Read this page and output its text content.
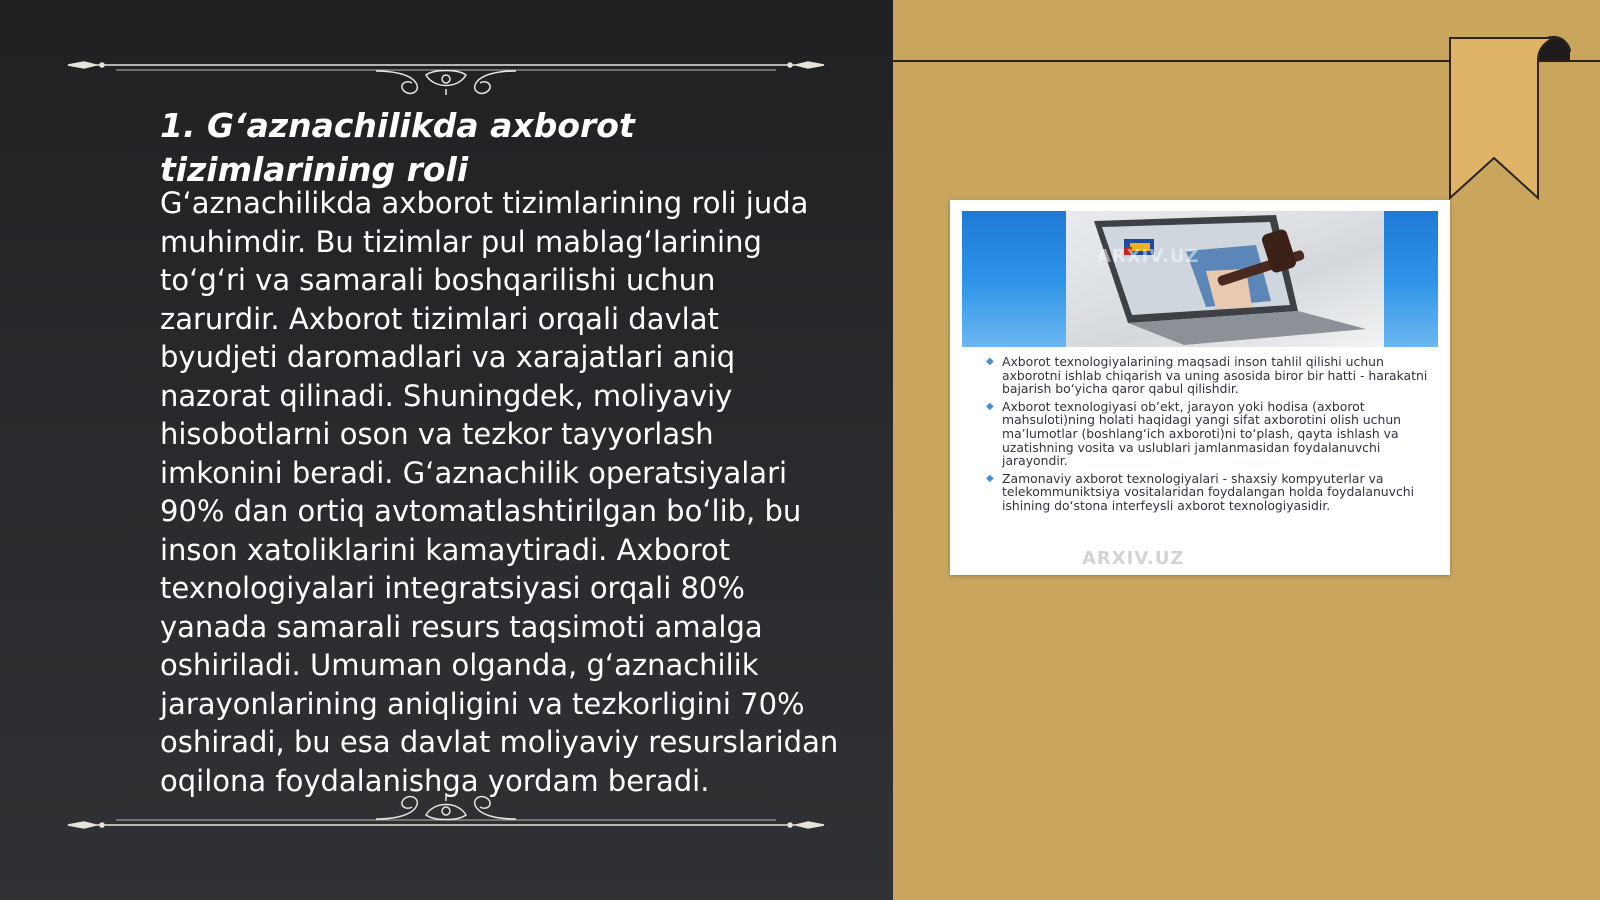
1. G‘aznachilikda axborot tizimlarining roli

G‘aznachilikda axborot tizimlarining roli juda muhimdir. Bu tizimlar pul mablag‘larining to‘g‘ri va samarali boshqarilishi uchun zarurdir. Axborot tizimlari orqali davlat byudjeti daromadlari va xarajatlari aniq nazorat qilinadi. Shuningdek, moliyaviy hisobotlarni oson va tezkor tayyorlash imkonini beradi. G‘aznachilik operatsiyalari 90% dan ortiq avtomatlashtirilgan bo‘lib, bu inson xatoliklarini kamaytiradi. Axborot texnologiyalari integratsiyasi orqali 80% yanada samarali resurs taqsimoti amalga oshiriladi. Umuman olganda, g‘aznachilik jarayonlarining aniqligini va tezkorligini 70% oshiradi, bu esa davlat moliyaviy resurslaridan oqilona foydalanishga yordam beradi.

ARXIV.UZ
◆ Axborot texnologiyalarining maqsadi inson tahlil qilishi uchun axborotni ishlab chiqarish va uning asosida biror bir hatti - harakatni bajarish bo‘yicha qaror qabul qilishdir.
◆ Axborot texnologiyasi ob’ekt, jarayon yoki hodisa (axborot mahsuloti)ning holati haqidagi yangi sifat axborotini olish uchun ma’lumotlar (boshlang‘ich axboroti)ni to‘plash, qayta ishlash va uzatishning vosita va uslublari jamlanmasidan foydalanuvchi jarayondir.
◆ Zamonaviy axborot texnologiyalari - shaxsiy kompyuterlar va telekommuniktsiya vositalaridan foydalangan holda foydalanuvchi ishining do‘stona interfeysli axborot texnologiyasidir.
ARXIV.UZ
